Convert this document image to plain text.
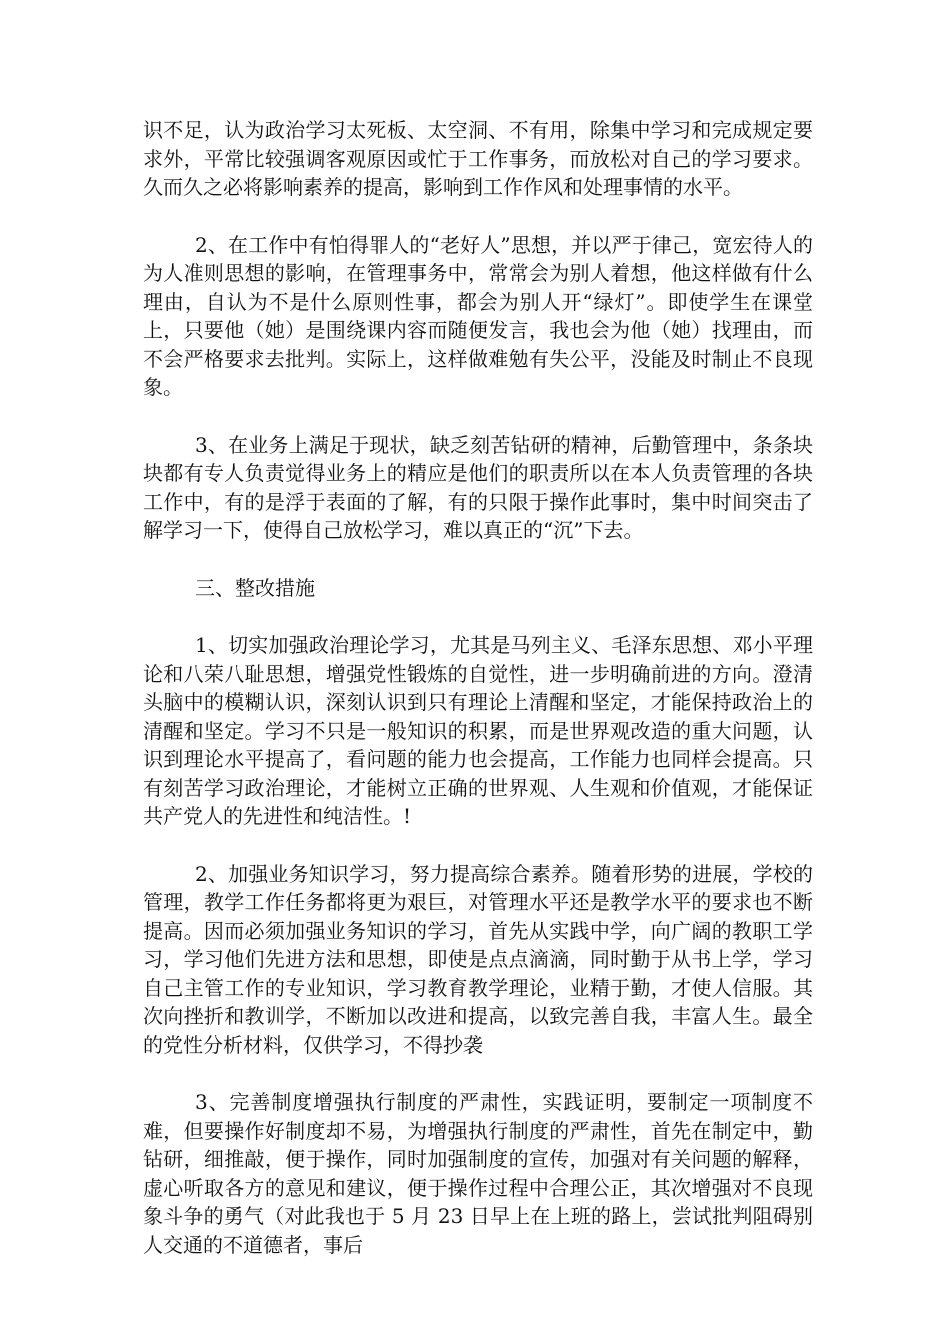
识不足，认为政治学习太死板、太空洞、不有用，除集中学习和完成规定要求外，平常比较强调客观原因或忙于工作事务，而放松对自己的学习要求。久而久之必将影响素养的提高，影响到工作作风和处理事情的水平。

2、在工作中有怕得罪人的“老好人”思想，并以严于律己，宽宏待人的为人准则思想的影响，在管理事务中，常常会为别人着想，他这样做有什么理由，自认为不是什么原则性事，都会为别人开“绿灯”。即使学生在课堂上，只要他（她）是围绕课内容而随便发言，我也会为他（她）找理由，而不会严格要求去批判。实际上，这样做难勉有失公平，没能及时制止不良现象。

3、在业务上满足于现状，缺乏刻苦钻研的精神，后勤管理中，条条块块都有专人负责觉得业务上的精应是他们的职责所以在本人负责管理的各块工作中，有的是浮于表面的了解，有的只限于操作此事时，集中时间突击了解学习一下，使得自己放松学习，难以真正的“沉”下去。

三、整改措施

1、切实加强政治理论学习，尤其是马列主义、毛泽东思想、邓小平理论和八荣八耻思想，增强党性锻炼的自觉性，进一步明确前进的方向。澄清头脑中的模糊认识，深刻认识到只有理论上清醒和坚定，才能保持政治上的清醒和坚定。学习不只是一般知识的积累，而是世界观改造的重大问题，认识到理论水平提高了，看问题的能力也会提高，工作能力也同样会提高。只有刻苦学习政治理论，才能树立正确的世界观、人生观和价值观，才能保证共产党人的先进性和纯洁性。!

2、加强业务知识学习，努力提高综合素养。随着形势的进展，学校的管理，教学工作任务都将更为艰巨，对管理水平还是教学水平的要求也不断提高。因而必须加强业务知识的学习，首先从实践中学，向广阔的教职工学习，学习他们先进方法和思想，即使是点点滴滴，同时勤于从书上学，学习自己主管工作的专业知识，学习教育教学理论，业精于勤，才使人信服。其次向挫折和教训学，不断加以改进和提高，以致完善自我，丰富人生。最全的党性分析材料，仅供学习，不得抄袭

3、完善制度增强执行制度的严肃性，实践证明，要制定一项制度不难，但要操作好制度却不易，为增强执行制度的严肃性，首先在制定中，勤钻研，细推敲，便于操作，同时加强制度的宣传，加强对有关问题的解释，虚心听取各方的意见和建议，便于操作过程中合理公正，其次增强对不良现象斗争的勇气（对此我也于 5 月 23 日早上在上班的路上，尝试批判阻碍别人交通的不道德者，事后
